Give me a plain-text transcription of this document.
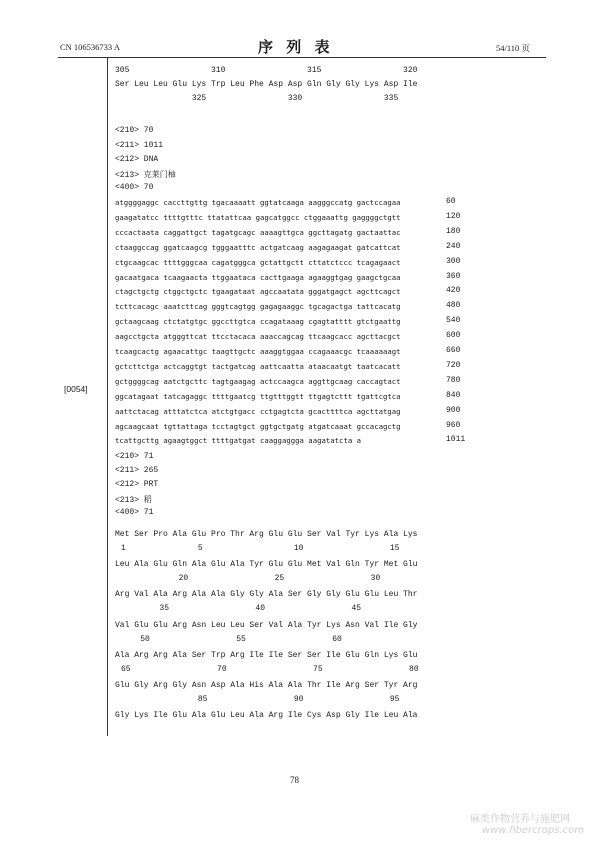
CN 106536733 A	序 列 表	54/110 页
[0054]
305                 310                 315                 320
Ser Leu Leu Glu Lys Trp Leu Phe Asp Asp Gln Gly Gly Lys Asp Ile
325                 330                 335
<210> 70
<211> 1011
<212> DNA
<213> 克莱门柚
<400> 70
atggggaggc caccttgttg tgacaaaatt ggtatcaaga aagggccatg gactccagaa	60
gaagatatcc ttttgtttc ttatattcaa gagcatggcc ctggaaattg gaggggctgtt	120
cccactaata caggattgct tagatgcagc aaaagttgca ggcttagatg gactaattac	180
ctaaggccag ggatcaagcg tgggaatttc actgatcaag aagagaagat gatcattcat	240
ctgcaagcac ttttgggcaa cagatgggca gctattgctt cttatctccc tcagagaact	300
gacaatgaca tcaagaacta ttggaataca cacttgaaga agaaggtgag gaagctgcaa	360
ctagctgctg ctggctgctc tgaagataat agccaatata gggatgagct agcttcagct	420
tcttcacagc aaatcttcag gggtcagtgg gagagaaggc tgcagactga tattcacatg	480
gctaagcaag ctctatgtgc ggccttgtca ccagataaag cgagtatttt gtctgaattg	540
aagcctgcta atgggttcat ttcctacaca aaaccagcag ttcaagcacc agcttacgct	600
tcaagcactg agaacattgc taagttgctc aaaggtggaa ccagaaacgc tcaaaaaagt	660
gctcttctga actcaggtgt tactgatcag aattcaatta ataacaatgt taatcacatt	720
gctggggcag aatctgcttc tagtgaagag actccaagca aggttgcaag caccagtact	780
ggcatagaat tatcagaggc ttttgaatcg ttgtttggtt ttgagtcttt tgattcgtca	840
aattctacag atttatctca atctgtgacc cctgagtcta gcacttttca agcttatgag	900
agcaagcaat tgttattaga tcctagtgct ggtgctgatg atgatcaaat gccacagctg	960
tcattgcttg agaagtggct ttttgatgat caaggaggga aagatatcta a	1011
<210> 71
<211> 265
<212> PRT
<213> 稻
<400> 71
Met Ser Pro Ala Glu Pro Thr Arg Glu Glu Ser Val Tyr Lys Ala Lys
1               5                   10                  15
Leu Ala Glu Gln Ala Glu Ala Tyr Glu Glu Met Val Gln Tyr Met Glu
20                  25                  30
Arg Val Ala Arg Ala Ala Gly Gly Ala Ser Gly Gly Glu Glu Leu Thr
35                  40                  45
Val Glu Glu Arg Asn Leu Leu Ser Val Ala Tyr Lys Asn Val Ile Gly
50                  55                  60
Ala Arg Arg Ala Ser Trp Arg Ile Ile Ser Ser Ile Glu Gln Lys Glu
65                  70                  75                  80
Glu Gly Arg Gly Asn Asp Ala His Ala Ala Thr Ile Arg Ser Tyr Arg
85                  90                  95
Gly Lys Ile Glu Ala Glu Leu Ala Arg Ile Cys Asp Gly Ile Leu Ala
78
麻类作物营养与施肥网
www.fibercrops.com
